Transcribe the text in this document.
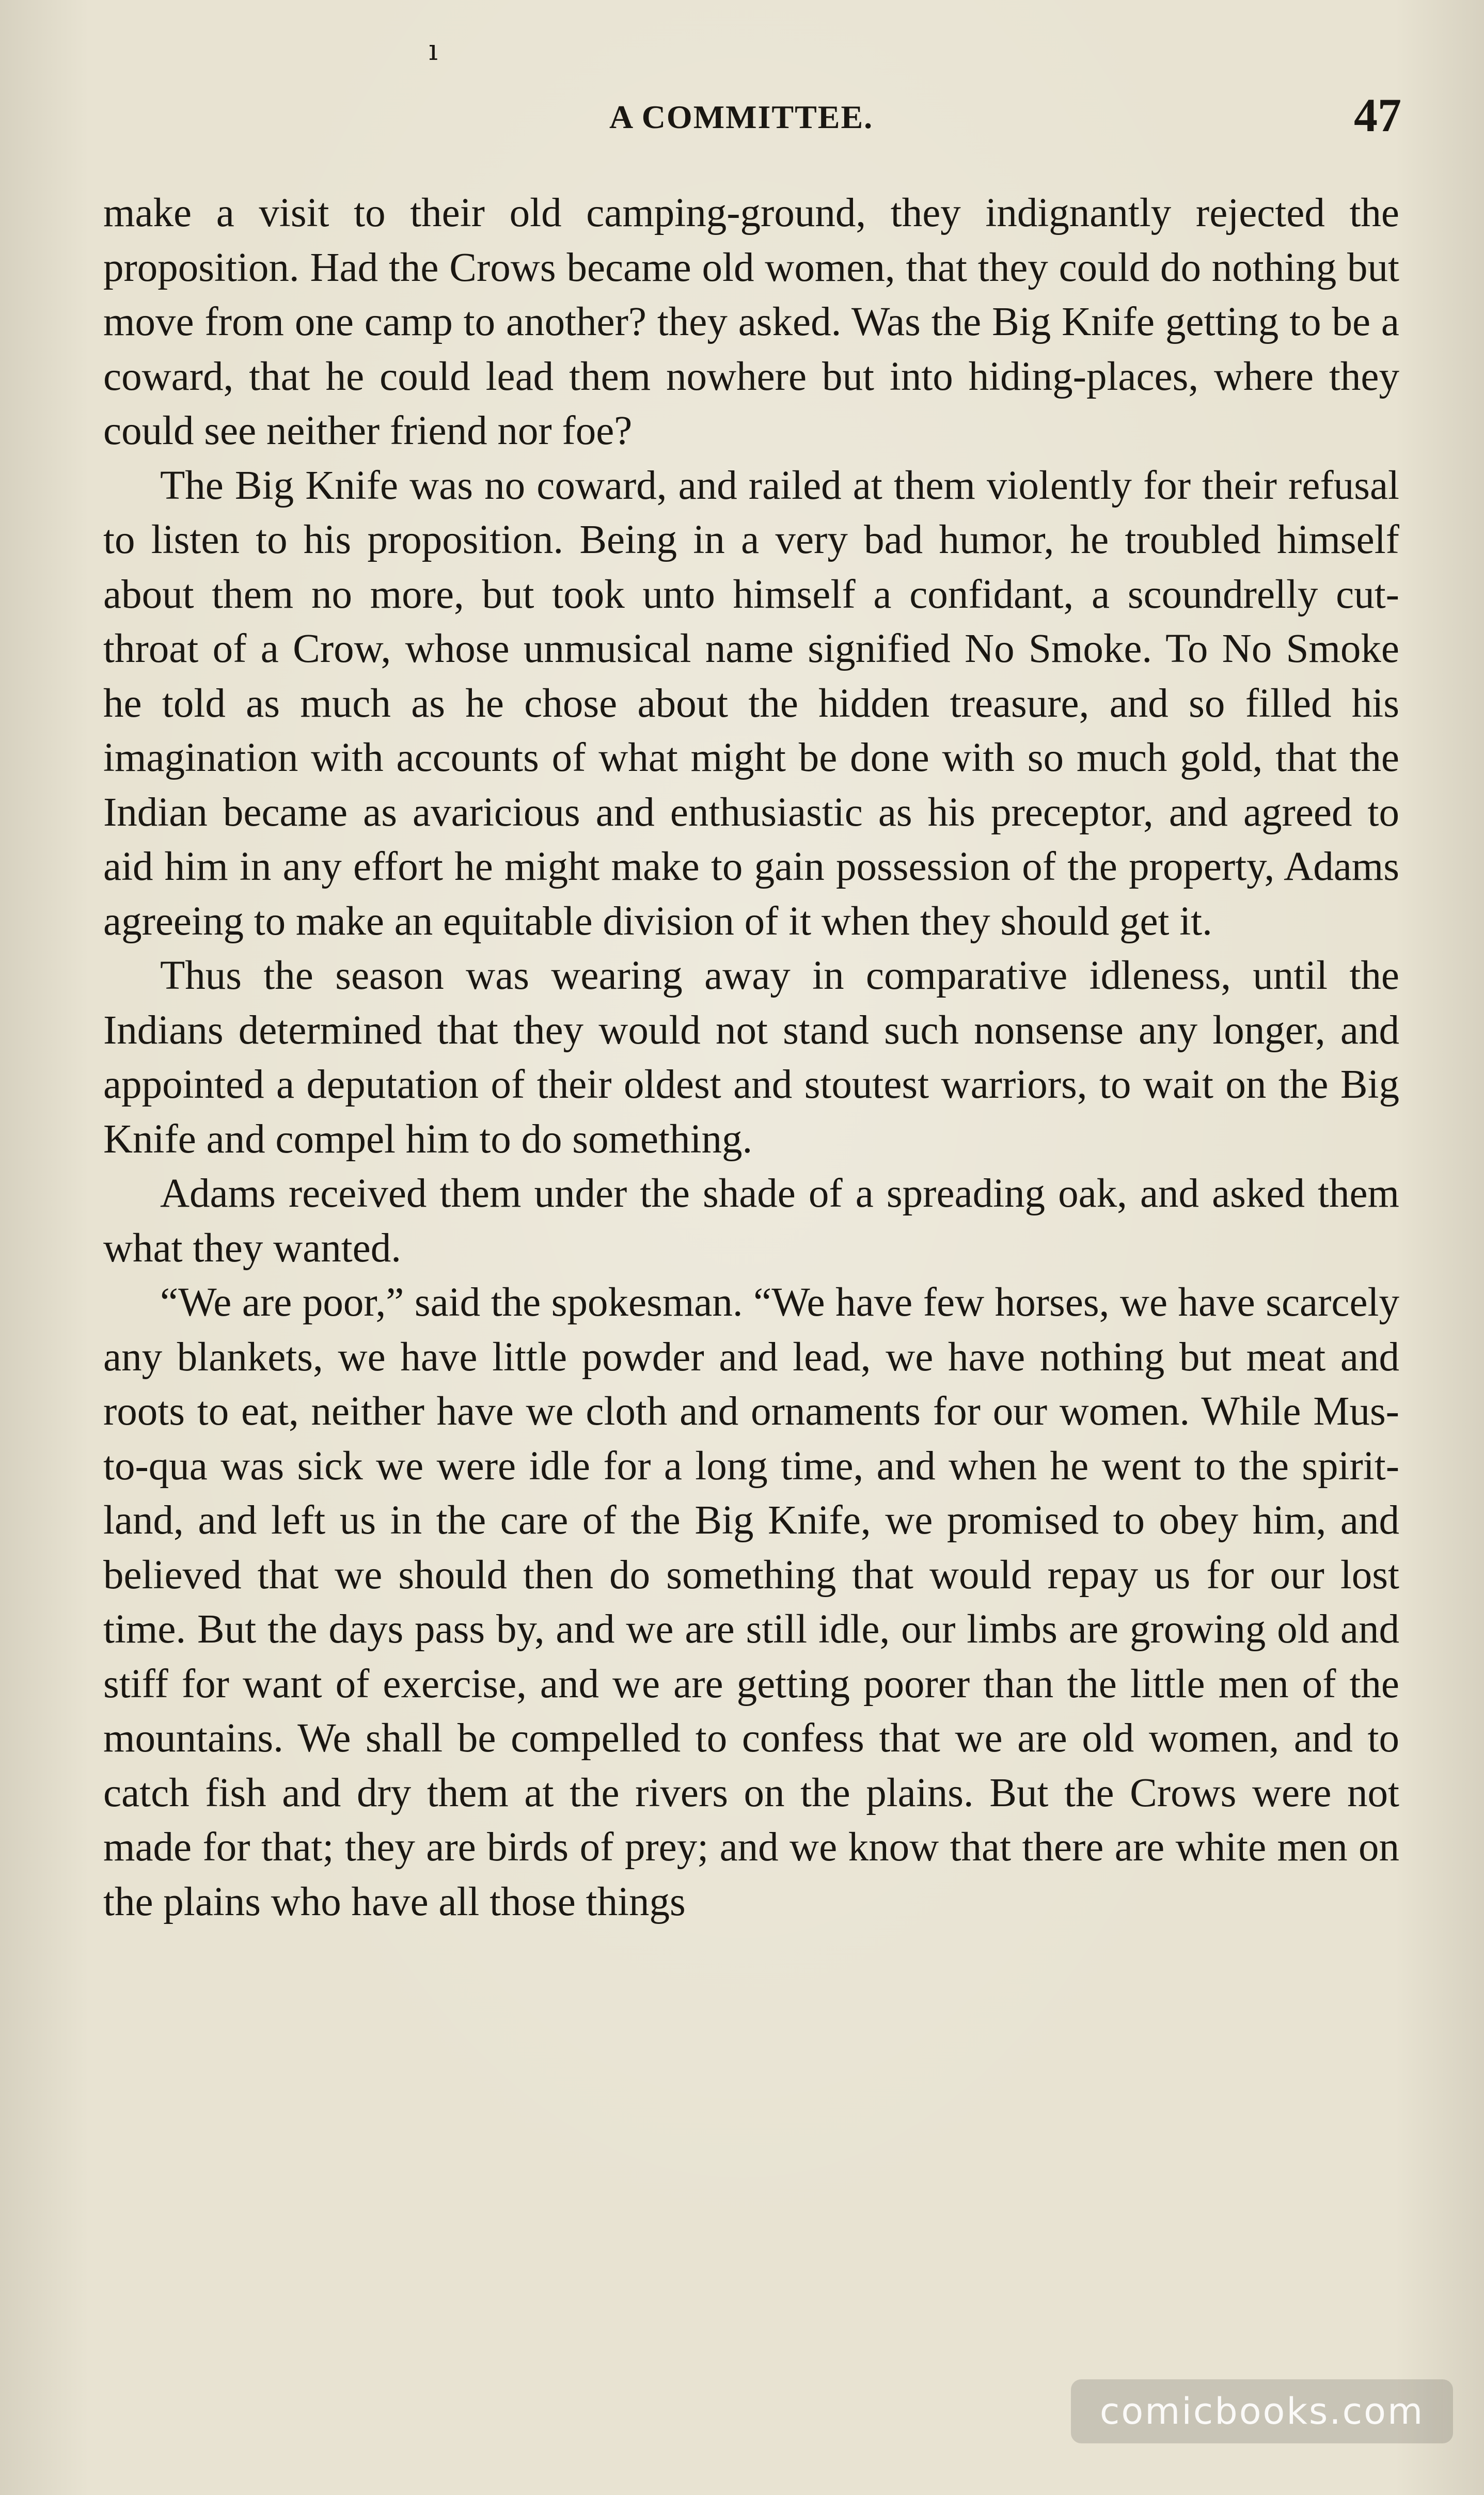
ı
A COMMITTEE.	47

make a visit to their old camping-ground, they indignantly rejected the proposition. Had the Crows became old women, that they could do nothing but move from one camp to another? they asked. Was the Big Knife getting to be a coward, that he could lead them nowhere but into hiding-places, where they could see neither friend nor foe?

The Big Knife was no coward, and railed at them violently for their refusal to listen to his proposition. Being in a very bad humor, he troubled himself about them no more, but took unto himself a confidant, a scoundrelly cut-throat of a Crow, whose unmusical name signified No Smoke. To No Smoke he told as much as he chose about the hidden treasure, and so filled his imagination with accounts of what might be done with so much gold, that the Indian became as avaricious and enthusiastic as his preceptor, and agreed to aid him in any effort he might make to gain possession of the property, Adams agreeing to make an equitable division of it when they should get it.

Thus the season was wearing away in comparative idleness, until the Indians determined that they would not stand such nonsense any longer, and appointed a deputation of their oldest and stoutest warriors, to wait on the Big Knife and compel him to do something.

Adams received them under the shade of a spreading oak, and asked them what they wanted.

“We are poor,” said the spokesman. “We have few horses, we have scarcely any blankets, we have little powder and lead, we have nothing but meat and roots to eat, neither have we cloth and ornaments for our women. While Mus-to-qua was sick we were idle for a long time, and when he went to the spirit-land, and left us in the care of the Big Knife, we promised to obey him, and believed that we should then do something that would repay us for our lost time. But the days pass by, and we are still idle, our limbs are growing old and stiff for want of exercise, and we are getting poorer than the little men of the mountains. We shall be compelled to confess that we are old women, and to catch fish and dry them at the rivers on the plains. But the Crows were not made for that; they are birds of prey; and we know that there are white men on the plains who have all those things

comicbooks.com
